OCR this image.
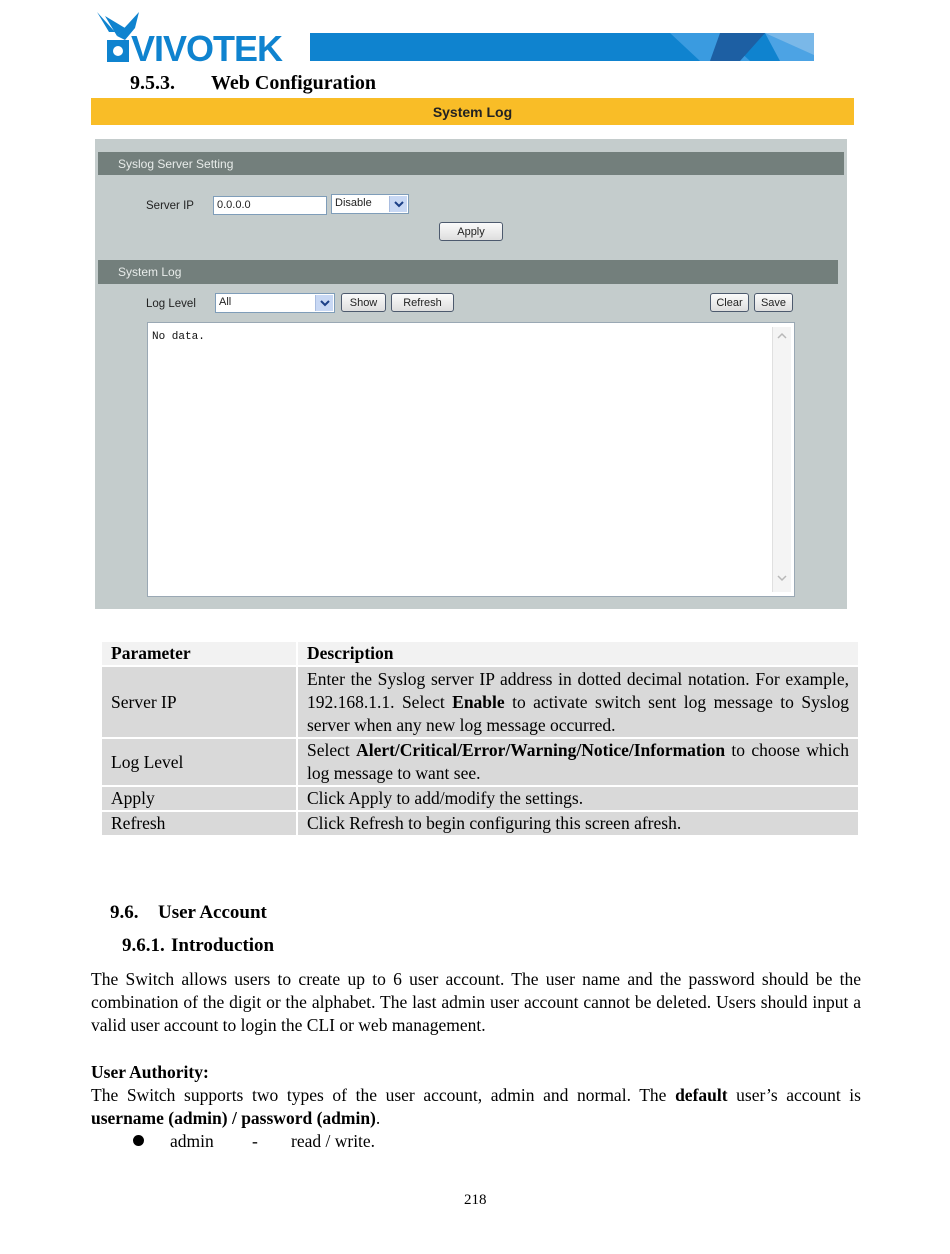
VIVOTEK
9.5.3. Web Configuration
System Log
Syslog Server Setting
Server IP	0.0.0.0	Disable
Apply
System Log
Log Level	All	Show Refresh	Clear Save
No data.
Parameter	Description
Server IP	Enter the Syslog server IP address in dotted decimal notation. For example, 192.168.1.1. Select Enable to activate switch sent log message to Syslog server when any new log message occurred.
Log Level	Select Alert/Critical/Error/Warning/Notice/Information to choose which log message to want see.
Apply	Click Apply to add/modify the settings.
Refresh	Click Refresh to begin configuring this screen afresh.
9.6. User Account
9.6.1. Introduction
The Switch allows users to create up to 6 user account. The user name and the password should be the combination of the digit or the alphabet. The last admin user account cannot be deleted. Users should input a valid user account to login the CLI or web management.
User Authority:
The Switch supports two types of the user account, admin and normal. The default user’s account is username (admin) / password (admin).
admin - read / write.
218
